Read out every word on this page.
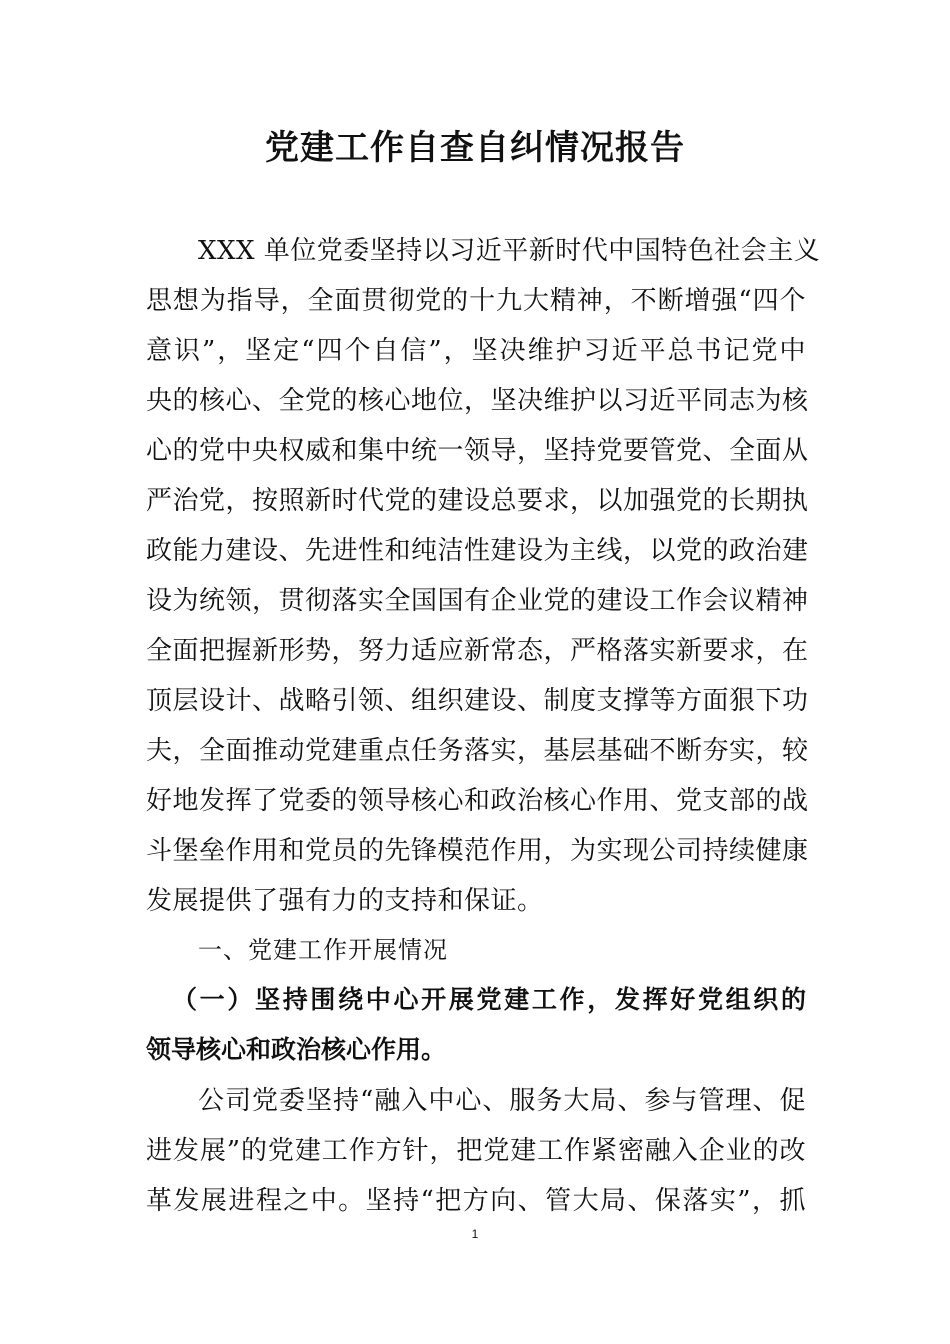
党建工作自查自纠情况报告
XXX 单位党委坚持以习近平新时代中国特色社会主义
思想为指导，全面贯彻党的十九大精神，不断增强“四个
意识”，坚定“四个自信”，坚决维护习近平总书记党中
央的核心、全党的核心地位，坚决维护以习近平同志为核
心的党中央权威和集中统一领导，坚持党要管党、全面从
严治党，按照新时代党的建设总要求，以加强党的长期执
政能力建设、先进性和纯洁性建设为主线，以党的政治建
设为统领，贯彻落实全国国有企业党的建设工作会议精神
全面把握新形势，努力适应新常态，严格落实新要求，在
顶层设计、战略引领、组织建设、制度支撑等方面狠下功
夫，全面推动党建重点任务落实，基层基础不断夯实，较
好地发挥了党委的领导核心和政治核心作用、党支部的战
斗堡垒作用和党员的先锋模范作用，为实现公司持续健康
发展提供了强有力的支持和保证。
一、党建工作开展情况
（一）坚持围绕中心开展党建工作，发挥好党组织的
领导核心和政治核心作用。
公司党委坚持“融入中心、服务大局、参与管理、促
进发展”的党建工作方针，把党建工作紧密融入企业的改
革发展进程之中。坚持“把方向、管大局、保落实”，抓
1
